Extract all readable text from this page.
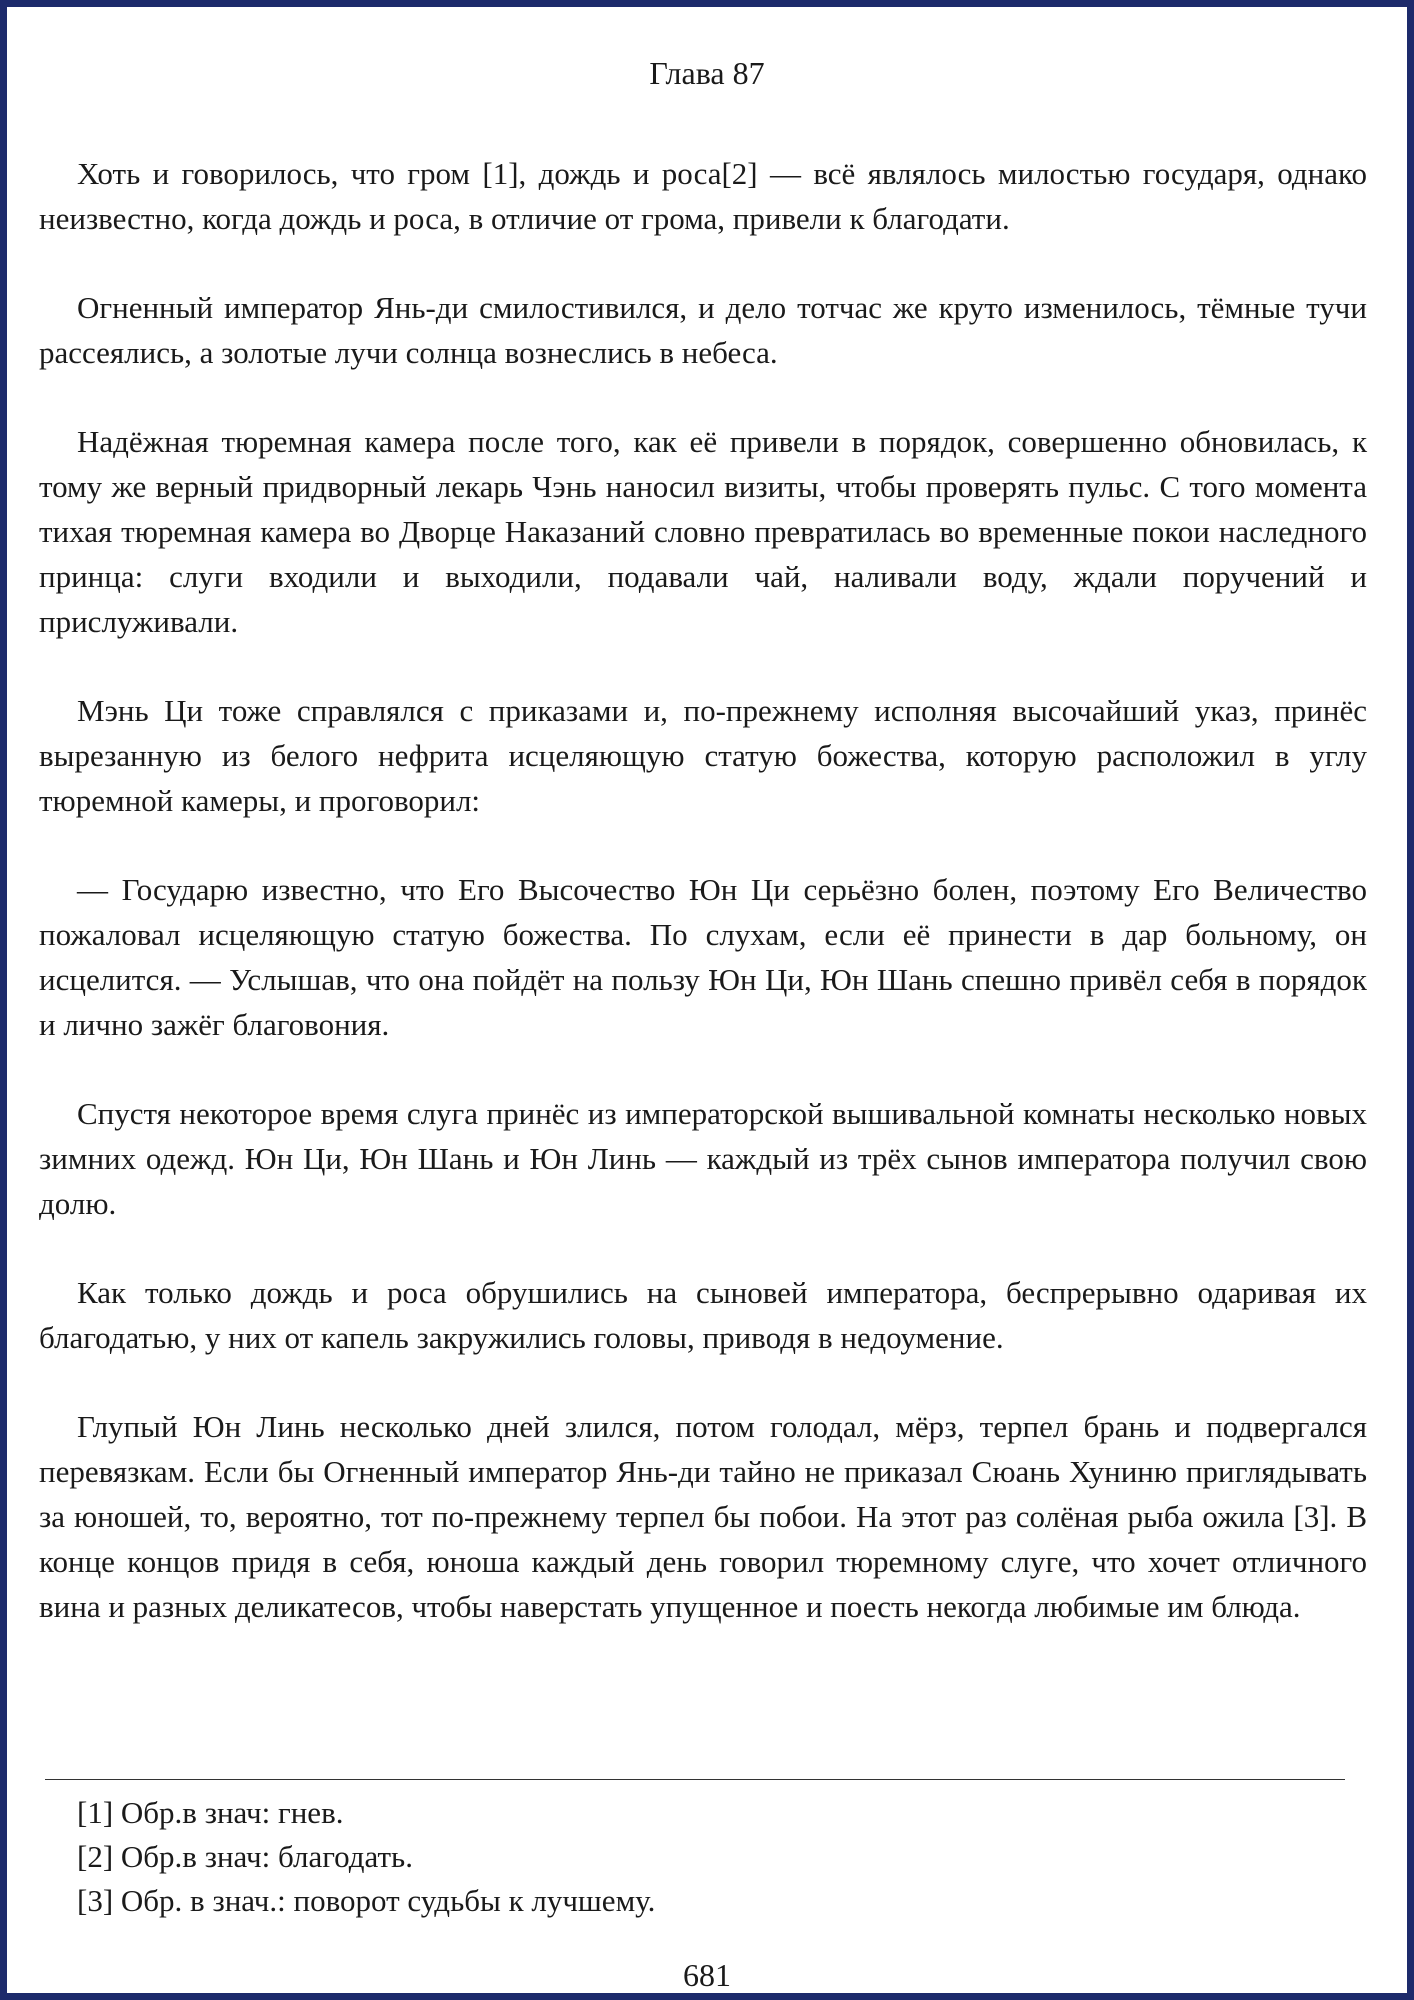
Глава 87

Хоть и говорилось, что гром [1], дождь и роса[2] — всё являлось милостью государя, однако неизвестно, когда дождь и роса, в отличие от грома, привели к благодати.

Огненный император Янь-ди смилостивился, и дело тотчас же круто изменилось, тёмные тучи рассеялись, а золотые лучи солнца вознеслись в небеса.

Надёжная тюремная камера после того, как её привели в порядок, совершенно обновилась, к тому же верный придворный лекарь Чэнь наносил визиты, чтобы проверять пульс. С того момента тихая тюремная камера во Дворце Наказаний словно превратилась во временные покои наследного принца: слуги входили и выходили, подавали чай, наливали воду, ждали поручений и прислуживали.

Мэнь Ци тоже справлялся с приказами и, по-прежнему исполняя высочайший указ, принёс вырезанную из белого нефрита исцеляющую статую божества, которую расположил в углу тюремной камеры, и проговорил:

— Государю известно, что Его Высочество Юн Ци серьёзно болен, поэтому Его Величество пожаловал исцеляющую статую божества. По слухам, если её принести в дар больному, он исцелится. — Услышав, что она пойдёт на пользу Юн Ци, Юн Шань спешно привёл себя в порядок и лично зажёг благовония.

Спустя некоторое время слуга принёс из императорской вышивальной комнаты несколько новых зимних одежд. Юн Ци, Юн Шань и Юн Линь — каждый из трёх сынов императора получил свою долю.

Как только дождь и роса обрушились на сыновей императора, беспрерывно одаривая их благодатью, у них от капель закружились головы, приводя в недоумение.

Глупый Юн Линь несколько дней злился, потом голодал, мёрз, терпел брань и подвергался перевязкам. Если бы Огненный император Янь-ди тайно не приказал Сюань Хуниню приглядывать за юношей, то, вероятно, тот по-прежнему терпел бы побои. На этот раз солёная рыба ожила [3]. В конце концов придя в себя, юноша каждый день говорил тюремному слуге, что хочет отличного вина и разных деликатесов, чтобы наверстать упущенное и поесть некогда любимые им блюда.

[1] Обр.в знач: гнев.

[2] Обр.в знач: благодать.

[3] Обр. в знач.: поворот судьбы к лучшему.

681
